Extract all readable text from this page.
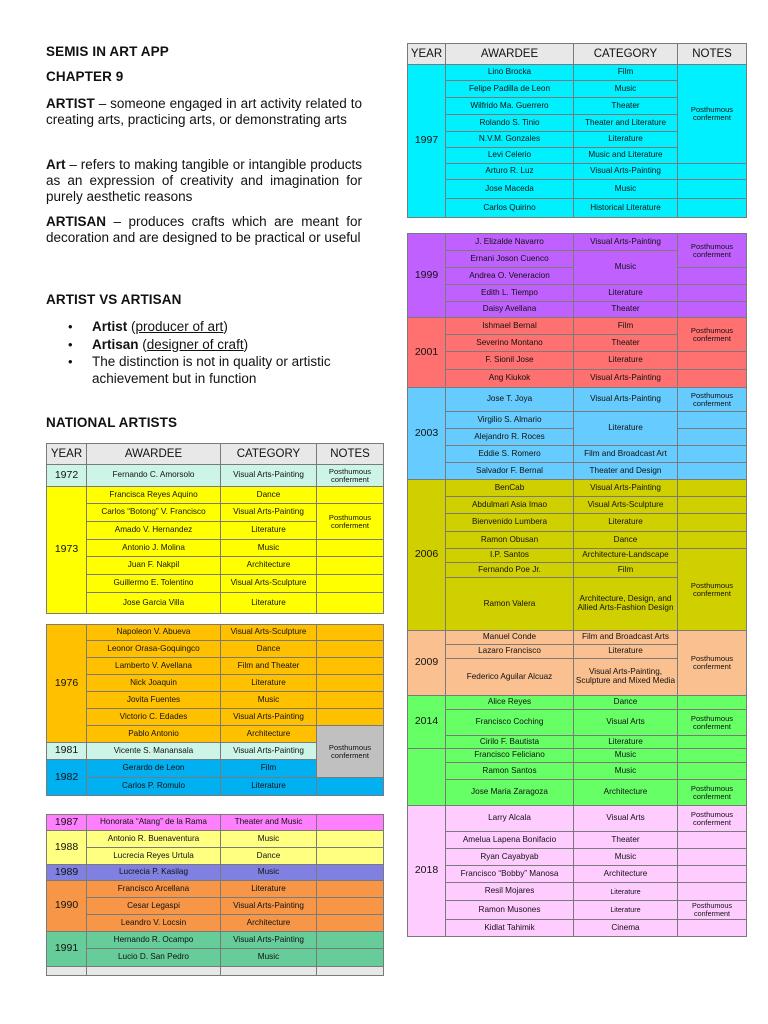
SEMIS IN ART APP
CHAPTER 9

ARTIST – someone engaged in art activity related to creating arts, practicing arts, or demonstrating arts

Art – refers to making tangible or intangible products as an expression of creativity and imagination for purely aesthetic reasons

ARTISAN – produces crafts which are meant for decoration and are designed to be practical or useful

ARTIST VS ARTISAN
• Artist (producer of art)
• Artisan (designer of craft)
• The distinction is not in quality or artistic achievement but in function
NATIONAL ARTISTS
YEAR	AWARDEE	CATEGORY	NOTES
1972	Fernando C. Amorsolo	Visual Arts-Painting	Posthumous conferment
1973	Francisca Reyes Aquino	Dance	
	Carlos “Botong” V. Francisco	Visual Arts-Painting	Posthumous conferment
	Amado V. Hernandez	Literature	
	Antonio J. Molina	Music	
	Juan F. Nakpil	Architecture	
	Guillermo E. Tolentino	Visual Arts-Sculpture	
	Jose Garcia Villa	Literature	
1976	Napoleon V. Abueva	Visual Arts-Sculpture	
	Leonor Orasa-Goquingco	Dance	
	Lamberto V. Avellana	Film and Theater	
	Nick Joaquin	Literature	
	Jovita Fuentes	Music	
	Victorio C. Edades	Visual Arts-Painting	
	Pablo Antonio	Architecture	Posthumous conferment
1981	Vicente S. Manansala	Visual Arts-Painting	
1982	Gerardo de Leon	Film	
	Carlos P. Romulo	Literature	
1987	Honorata “Atang” de la Rama	Theater and Music	
1988	Antonio R. Buenaventura	Music	
	Lucrecia Reyes Urtula	Dance	
1989	Lucrecia P. Kasilag	Music	
1990	Francisco Arcellana	Literature	
	Cesar Legaspi	Visual Arts-Painting	
	Leandro V. Locsin	Architecture	
1991	Hernando R. Ocampo	Visual Arts-Painting	
	Lucio D. San Pedro	Music	

YEAR	AWARDEE	CATEGORY	NOTES
1997	Lino Brocka	Film	Posthumous conferment
	Felipe Padilla de Leon	Music	
	Wilfrido Ma. Guerrero	Theater	
	Rolando S. Tinio	Theater and Literature	
	N.V.M. Gonzales	Literature	
	Levi Celerio	Music and Literature	
	Arturo R. Luz	Visual Arts-Painting	
	Jose Maceda	Music	
	Carlos Quirino	Historical Literature	
1999	J. Elizalde Navarro	Visual Arts-Painting	Posthumous conferment
	Ernani Joson Cuenco	Music	
	Andrea O. Veneracion		
	Edith L. Tiempo	Literature	
	Daisy Avellana	Theater	
2001	Ishmael Bernal	Film	Posthumous conferment
	Severino Montano	Theater	
	F. Sionil Jose	Literature	
	Ang Kiukok	Visual Arts-Painting	
2003	Jose T. Joya	Visual Arts-Painting	Posthumous conferment
	Virgilio S. Almario	Literature	
	Alejandro R. Roces		
	Eddie S. Romero	Film and Broadcast Art	
	Salvador F. Bernal	Theater and Design	
2006	BenCab	Visual Arts-Painting	
	Abdulmari Asia Imao	Visual Arts-Sculpture	
	Bienvenido Lumbera	Literature	
	Ramon Obusan	Dance	
	I.P. Santos	Architecture-Landscape	Posthumous conferment
	Fernando Poe Jr.	Film	
	Ramon Valera	Architecture, Design, and Allied Arts-Fashion Design	
2009	Manuel Conde	Film and Broadcast Arts	Posthumous conferment
	Lazaro Francisco	Literature	
	Federico Aguilar Alcuaz	Visual Arts-Painting, Sculpture and Mixed Media	
2014	Alice Reyes	Dance	
	Francisco Coching	Visual Arts	Posthumous conferment
	Cirilo F. Bautista	Literature	
	Francisco Feliciano	Music	
	Ramon Santos	Music	
	Jose Maria Zaragoza	Architecture	Posthumous conferment
2018	Larry Alcala	Visual Arts	Posthumous conferment
	Amelua Lapena Bonifacio	Theater	
	Ryan Cayabyab	Music	
	Francisco “Bobby” Manosa	Architecture	
	Resil Mojares	Literature	
	Ramon Musones	Literature	Posthumous conferment
	Kidlat Tahimik	Cinema	
